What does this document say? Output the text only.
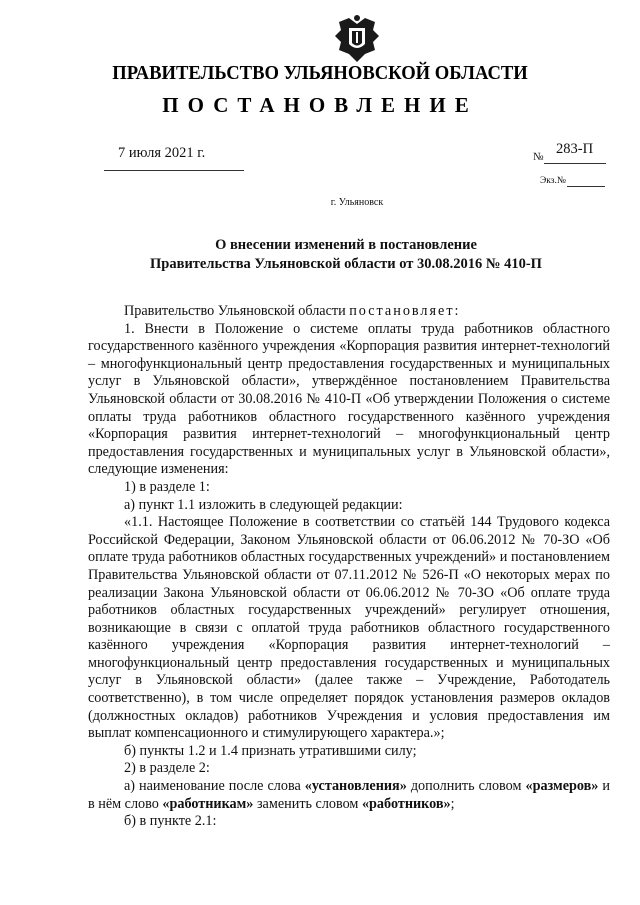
ПРАВИТЕЛЬСТВО УЛЬЯНОВСКОЙ ОБЛАСТИ
ПОСТАНОВЛЕНИЕ
7 июля 2021 г.	№ 283-П
Экз.№
г. Ульяновск
О внесении изменений в постановление
Правительства Ульяновской области от 30.08.2016 № 410-П

Правительство Ульяновской области постановляет:

1. Внести в Положение о системе оплаты труда работников областного государственного казённого учреждения «Корпорация развития интернет-технологий – многофункциональный центр предоставления государственных и муниципальных услуг в Ульяновской области», утверждённое постановлением Правительства Ульяновской области от 30.08.2016 № 410-П «Об утверждении Положения о системе оплаты труда работников областного государственного казённого учреждения «Корпорация развития интернет-технологий – многофункциональный центр предоставления государственных и муниципальных услуг в Ульяновской области», следующие изменения:

1) в разделе 1:

а) пункт 1.1 изложить в следующей редакции:

«1.1. Настоящее Положение в соответствии со статьёй 144 Трудового кодекса Российской Федерации, Законом Ульяновской области от 06.06.2012 № 70-ЗО «Об оплате труда работников областных государственных учреждений» и постановлением Правительства Ульяновской области от 07.11.2012 № 526-П «О некоторых мерах по реализации Закона Ульяновской области от 06.06.2012 № 70-ЗО «Об оплате труда работников областных государственных учреждений» регулирует отношения, возникающие в связи с оплатой труда работников областного государственного казённого учреждения «Корпорация развития интернет-технологий – многофункциональный центр предоставления государственных и муниципальных услуг в Ульяновской области» (далее также – Учреждение, Работодатель соответственно), в том числе определяет порядок установления размеров окладов (должностных окладов) работников Учреждения и условия предоставления им выплат компенсационного и стимулирующего характера.»;

б) пункты 1.2 и 1.4 признать утратившими силу;

2) в разделе 2:

а) наименование после слова «установления» дополнить словом «размеров» и в нём слово «работникам» заменить словом «работников»;

б) в пункте 2.1:
